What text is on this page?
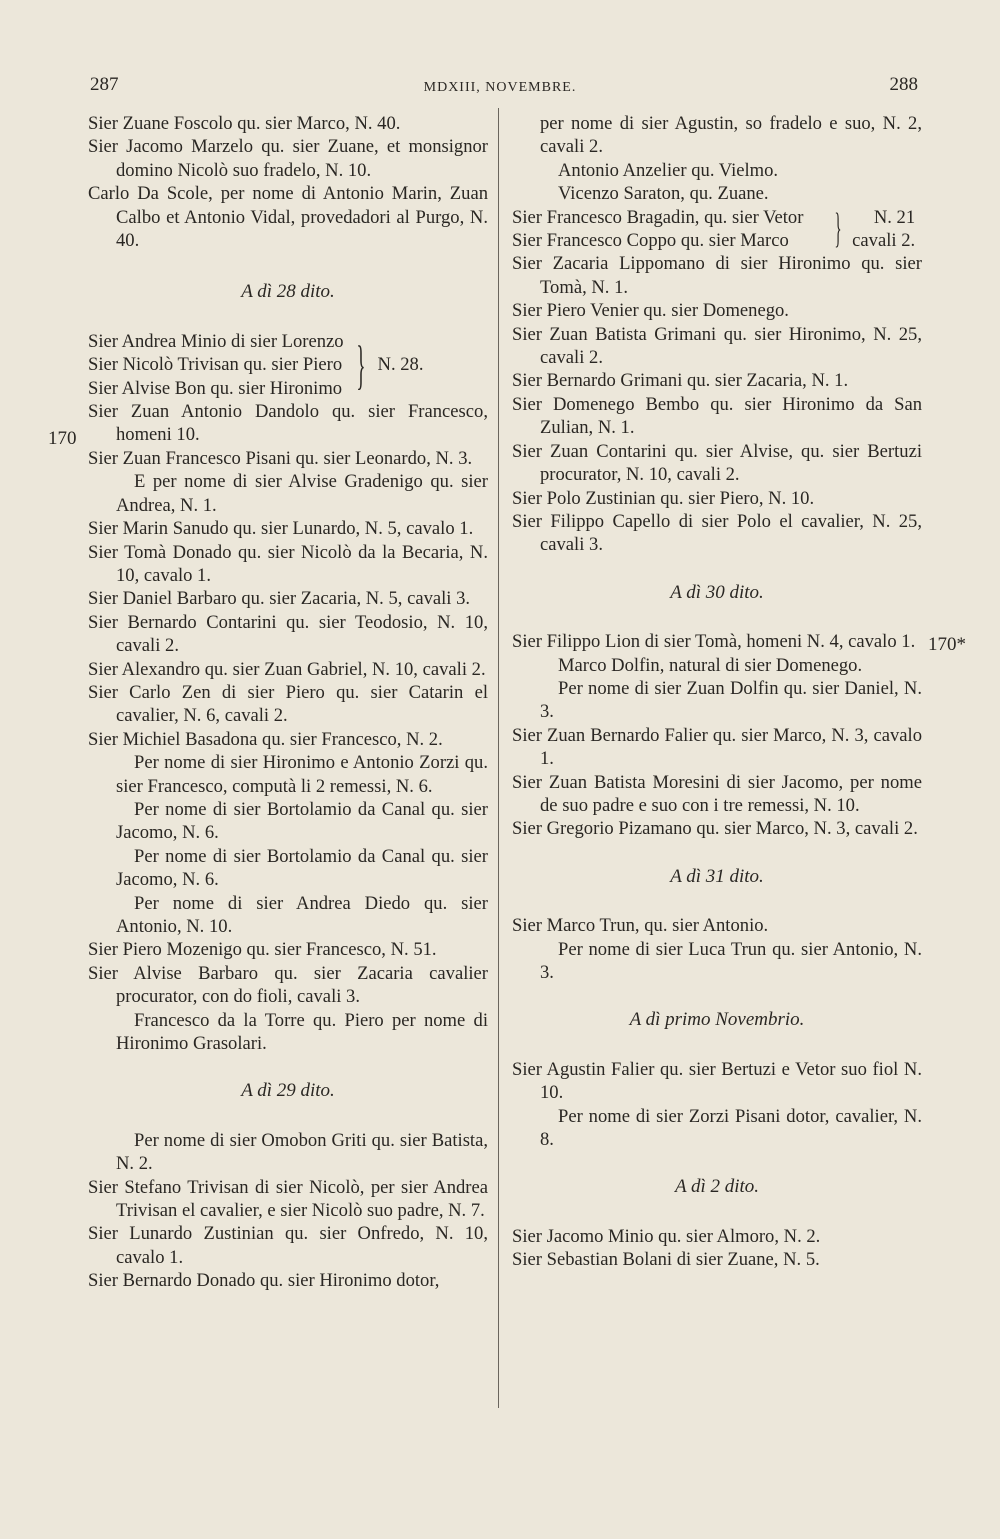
287	MDXIII, NOVEMBRE.	288
170
170*

Sier Zuane Foscolo qu. sier Marco, N. 40.

Sier Jacomo Marzelo qu. sier Zuane, et monsignor domino Nicolò suo fradelo, N. 10.

Carlo Da Scole, per nome di Antonio Marin, Zuan Calbo et Antonio Vidal, provedadori al Purgo, N. 40.

A dì 28 dito.
Sier Andrea Minio di sier Lorenzo
Sier Nicolò Trivisan qu. sier Piero
Sier Alvise Bon qu. sier Hironimo } N. 28.

Sier Zuan Antonio Dandolo qu. sier Francesco, homeni 10.

Sier Zuan Francesco Pisani qu. sier Leonardo, N. 3.

E per nome di sier Alvise Gradenigo qu. sier Andrea, N. 1.

Sier Marin Sanudo qu. sier Lunardo, N. 5, cavalo 1.

Sier Tomà Donado qu. sier Nicolò da la Becaria, N. 10, cavalo 1.

Sier Daniel Barbaro qu. sier Zacaria, N. 5, cavali 3.

Sier Bernardo Contarini qu. sier Teodosio, N. 10, cavali 2.

Sier Alexandro qu. sier Zuan Gabriel, N. 10, cavali 2.

Sier Carlo Zen di sier Piero qu. sier Catarin el cavalier, N. 6, cavali 2.

Sier Michiel Basadona qu. sier Francesco, N. 2.

Per nome di sier Hironimo e Antonio Zorzi qu. sier Francesco, computà li 2 remessi, N. 6.

Per nome di sier Bortolamio da Canal qu. sier Jacomo, N. 6.

Per nome di sier Bortolamio da Canal qu. sier Jacomo, N. 6.

Per nome di sier Andrea Diedo qu. sier Antonio, N. 10.

Sier Piero Mozenigo qu. sier Francesco, N. 51.

Sier Alvise Barbaro qu. sier Zacaria cavalier procurator, con do fioli, cavali 3.

Francesco da la Torre qu. Piero per nome di Hironimo Grasolari.

A dì 29 dito.

Per nome di sier Omobon Griti qu. sier Batista, N. 2.

Sier Stefano Trivisan di sier Nicolò, per sier Andrea Trivisan el cavalier, e sier Nicolò suo padre, N. 7.

Sier Lunardo Zustinian qu. sier Onfredo, N. 10, cavalo 1.

Sier Bernardo Donado qu. sier Hironimo dotor,

per nome di sier Agustin, so fradelo e suo, N. 2, cavali 2.

Antonio Anzelier qu. Vielmo.

Vicenzo Saraton, qu. Zuane.

Sier Francesco Bragadin, qu. sier Vetor
Sier Francesco Coppo qu. sier Marco	}	N. 21
cavali 2.

Sier Zacaria Lippomano di sier Hironimo qu. sier Tomà, N. 1.

Sier Piero Venier qu. sier Domenego.

Sier Zuan Batista Grimani qu. sier Hironimo, N. 25, cavali 2.

Sier Bernardo Grimani qu. sier Zacaria, N. 1.

Sier Domenego Bembo qu. sier Hironimo da San Zulian, N. 1.

Sier Zuan Contarini qu. sier Alvise, qu. sier Bertuzi procurator, N. 10, cavali 2.

Sier Polo Zustinian qu. sier Piero, N. 10.

Sier Filippo Capello di sier Polo el cavalier, N. 25, cavali 3.

A dì 30 dito.

Sier Filippo Lion di sier Tomà, homeni N. 4, cavalo 1.

Marco Dolfin, natural di sier Domenego.

Per nome di sier Zuan Dolfin qu. sier Daniel, N. 3.

Sier Zuan Bernardo Falier qu. sier Marco, N. 3, cavalo 1.

Sier Zuan Batista Moresini di sier Jacomo, per nome de suo padre e suo con i tre remessi, N. 10.

Sier Gregorio Pizamano qu. sier Marco, N. 3, cavali 2.

A dì 31 dito.

Sier Marco Trun, qu. sier Antonio.

Per nome di sier Luca Trun qu. sier Antonio, N. 3.

A dì primo Novembrio.

Sier Agustin Falier qu. sier Bertuzi e Vetor suo fiol N. 10.

Per nome di sier Zorzi Pisani dotor, cavalier, N. 8.

A dì 2 dito.

Sier Jacomo Minio qu. sier Almoro, N. 2.

Sier Sebastian Bolani di sier Zuane, N. 5.
